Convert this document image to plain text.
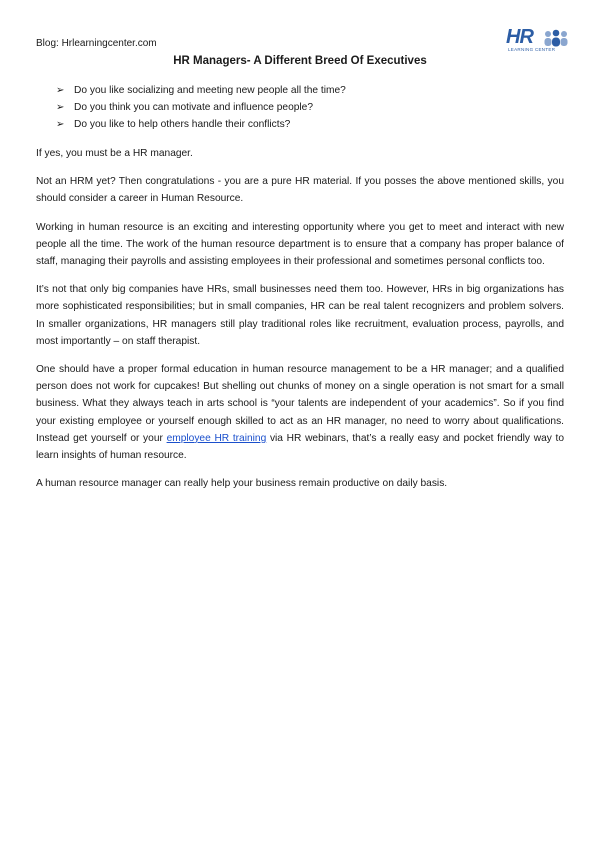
Blog: Hrlearningcenter.com	HR
LEARNING CENTER
HR Managers- A Different Breed Of Executives
➢ Do you like socializing and meeting new people all the time?
➢ Do you think you can motivate and influence people?
➢ Do you like to help others handle their conflicts?

If yes, you must be a HR manager.

Not an HRM yet? Then congratulations - you are a pure HR material. If you posses the above mentioned skills, you should consider a career in Human Resource.

Working in human resource is an exciting and interesting opportunity where you get to meet and interact with new people all the time. The work of the human resource department is to ensure that a company has proper balance of staff, managing their payrolls and assisting employees in their professional and sometimes personal conflicts too.

It’s not that only big companies have HRs, small businesses need them too. However, HRs in big organizations has more sophisticated responsibilities; but in small companies, HR can be real talent recognizers and problem solvers. In smaller organizations, HR managers still play traditional roles like recruitment, evaluation process, payrolls, and most importantly – on staff therapist.

One should have a proper formal education in human resource management to be a HR manager; and a qualified person does not work for cupcakes! But shelling out chunks of money on a single operation is not smart for a small business. What they always teach in arts school is “your talents are independent of your academics”. So if you find your existing employee or yourself enough skilled to act as an HR manager, no need to worry about qualifications. Instead get yourself or your employee HR training via HR webinars, that’s a really easy and pocket friendly way to learn insights of human resource.

A human resource manager can really help your business remain productive on daily basis.
